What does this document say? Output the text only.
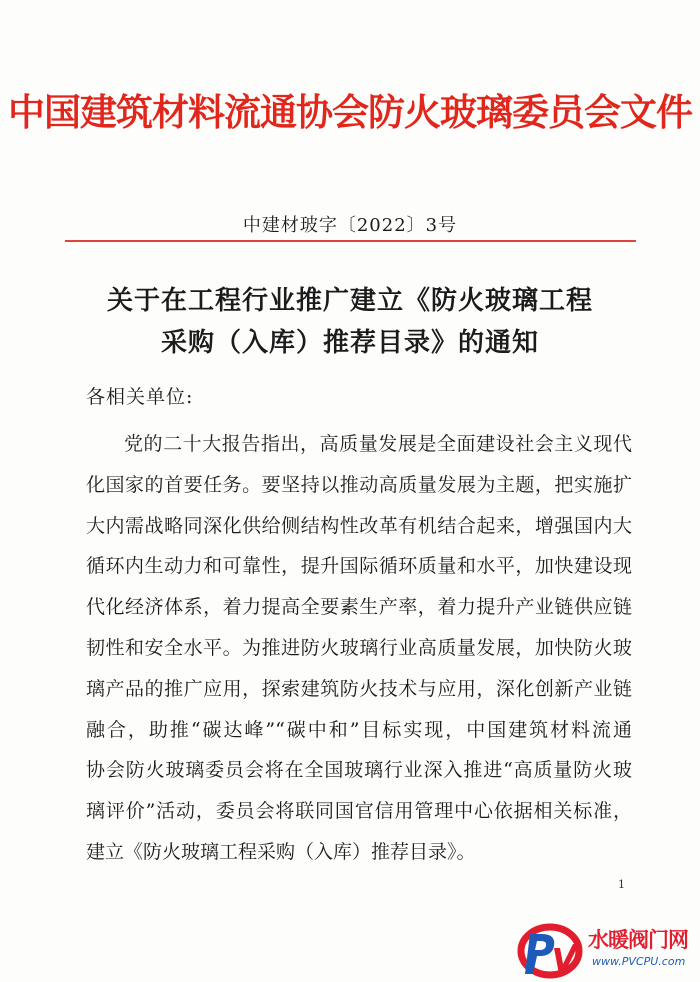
中国建筑材料流通协会防火玻璃委员会文件
中建材玻字〔2022〕3号
关于在工程行业推广建立《防火玻璃工程
采购（入库）推荐目录》的通知
各相关单位:
党的二十大报告指出，高质量发展是全面建设社会主义现代
化国家的首要任务。要坚持以推动高质量发展为主题，把实施扩
大内需战略同深化供给侧结构性改革有机结合起来，增强国内大
循环内生动力和可靠性，提升国际循环质量和水平，加快建设现
代化经济体系，着力提高全要素生产率，着力提升产业链供应链
韧性和安全水平。为推进防火玻璃行业高质量发展，加快防火玻
璃产品的推广应用，探索建筑防火技术与应用，深化创新产业链
融合，助推“碳达峰”“碳中和”目标实现，中国建筑材料流通
协会防火玻璃委员会将在全国玻璃行业深入推进“高质量防火玻
璃评价”活动，委员会将联同国官信用管理中心依据相关标准，
建立《防火玻璃工程采购（入库）推荐目录》。
1
水暖阀门网
www.PVCPU.com
